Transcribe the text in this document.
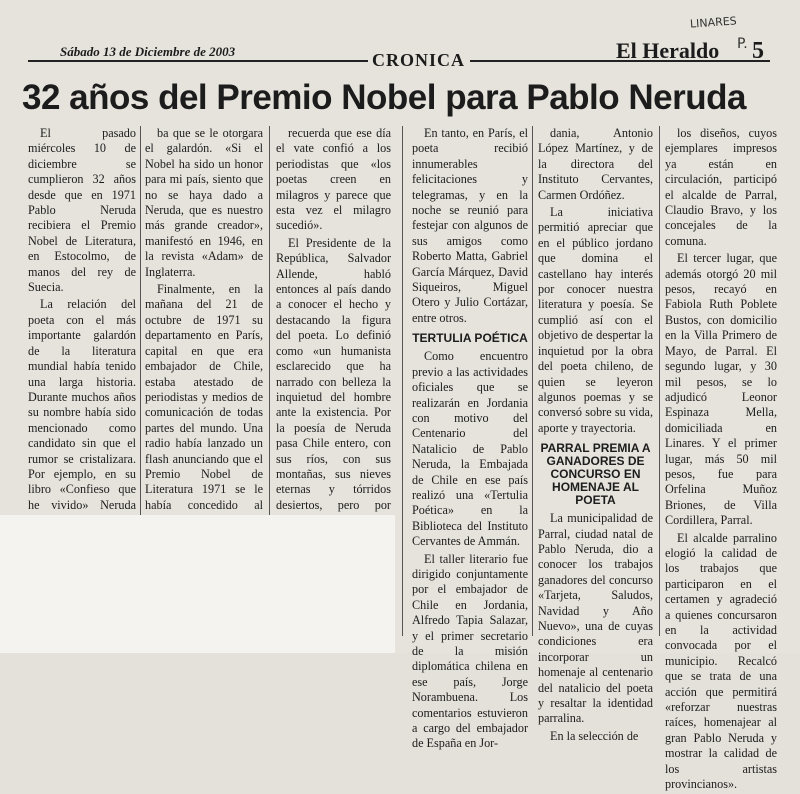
LINARES
P.
Sábado 13 de Diciembre de 2003	CRONICA	El Heraldo 5
32 años del Premio Nobel para Pablo Neruda

El pasado miércoles 10 de diciembre se cumplieron 32 años desde que en 1971 Pablo Neruda recibiera el Premio Nobel de Literatura, en Estocolmo, de manos del rey de Suecia.

La relación del poeta con el más importante galardón de la literatura mundial había tenido una larga historia. Durante muchos años su nombre había sido mencionado como candidato sin que el rumor se cristalizara. Por ejemplo, en su libro «Confieso que he vivido» Neruda

ba que se le otorgara el galardón. «Si el Nobel ha sido un honor para mi país, siento que no se haya dado a Neruda, que es nuestro más grande creador», manifestó en 1946, en la revista «Adam» de Inglaterra.

Finalmente, en la mañana del 21 de octubre de 1971 su departamento en París, capital en que era embajador de Chile, estaba atestado de periodistas y medios de comunicación de todas partes del mundo. Una radio había lanzado un flash anunciando que el Premio Nobel de Literatura 1971 se le había concedido al

recuerda que ese día el vate confió a los periodistas que «los poetas creen en milagros y parece que esta vez el milagro sucedió».

El Presidente de la República, Salvador Allende, habló entonces al país dando a conocer el hecho y destacando la figura del poeta. Lo definió como «un humanista esclarecido que ha narrado con belleza la inquietud del hombre ante la existencia. Por la poesía de Neruda pasa Chile entero, con sus ríos, con sus montañas, sus nieves eternas y tórridos desiertos, pero por

En tanto, en París, el poeta recibió innumerables felicitaciones y telegramas, y en la noche se reunió para festejar con algunos de sus amigos como Roberto Matta, Gabriel García Márquez, David Siqueiros, Miguel Otero y Julio Cortázar, entre otros.

TERTULIA POÉTICA

Como encuentro previo a las actividades oficiales que se realizarán en Jordania con motivo del Centenario del Natalicio de Pablo Neruda, la Embajada de Chile en ese país realizó una «Tertulia Poética» en la Biblioteca del Instituto Cervantes de Ammán.

El taller literario fue dirigido conjuntamente por el embajador de Chile en Jordania, Alfredo Tapia Salazar, y el primer secretario de la misión diplomática chilena en ese país, Jorge Norambuena. Los comentarios estuvieron a cargo del embajador de España en Jor-

dania, Antonio López Martínez, y de la directora del Instituto Cervantes, Carmen Ordóñez.

La iniciativa permitió apreciar que en el público jordano que domina el castellano hay interés por conocer nuestra literatura y poesía. Se cumplió así con el objetivo de despertar la inquietud por la obra del poeta chileno, de quien se leyeron algunos poemas y se conversó sobre su vida, aporte y trayectoria.

PARRAL PREMIA A GANADORES DE CONCURSO EN HOMENAJE AL POETA

La municipalidad de Parral, ciudad natal de Pablo Neruda, dio a conocer los trabajos ganadores del concurso «Tarjeta, Saludos, Navidad y Año Nuevo», una de cuyas condiciones era incorporar un homenaje al centenario del natalicio del poeta y resaltar la identidad parralina.

En la selección de

los diseños, cuyos ejemplares impresos ya están en circulación, participó el alcalde de Parral, Claudio Bravo, y los concejales de la comuna.

El tercer lugar, que además otorgó 20 mil pesos, recayó en Fabiola Ruth Poblete Bustos, con domicilio en la Villa Primero de Mayo, de Parral. El segundo lugar, y 30 mil pesos, se lo adjudicó Leonor Espinaza Mella, domiciliada en Linares. Y el primer lugar, más 50 mil pesos, fue para Orfelina Muñoz Briones, de Villa Cordillera, Parral.

El alcalde parralino elogió la calidad de los trabajos que participaron en el certamen y agradeció a quienes concursaron en la actividad convocada por el municipio. Recalcó que se trata de una acción que permitirá «reforzar nuestras raíces, homenajear al gran Pablo Neruda y mostrar la calidad de los artistas provincianos».
